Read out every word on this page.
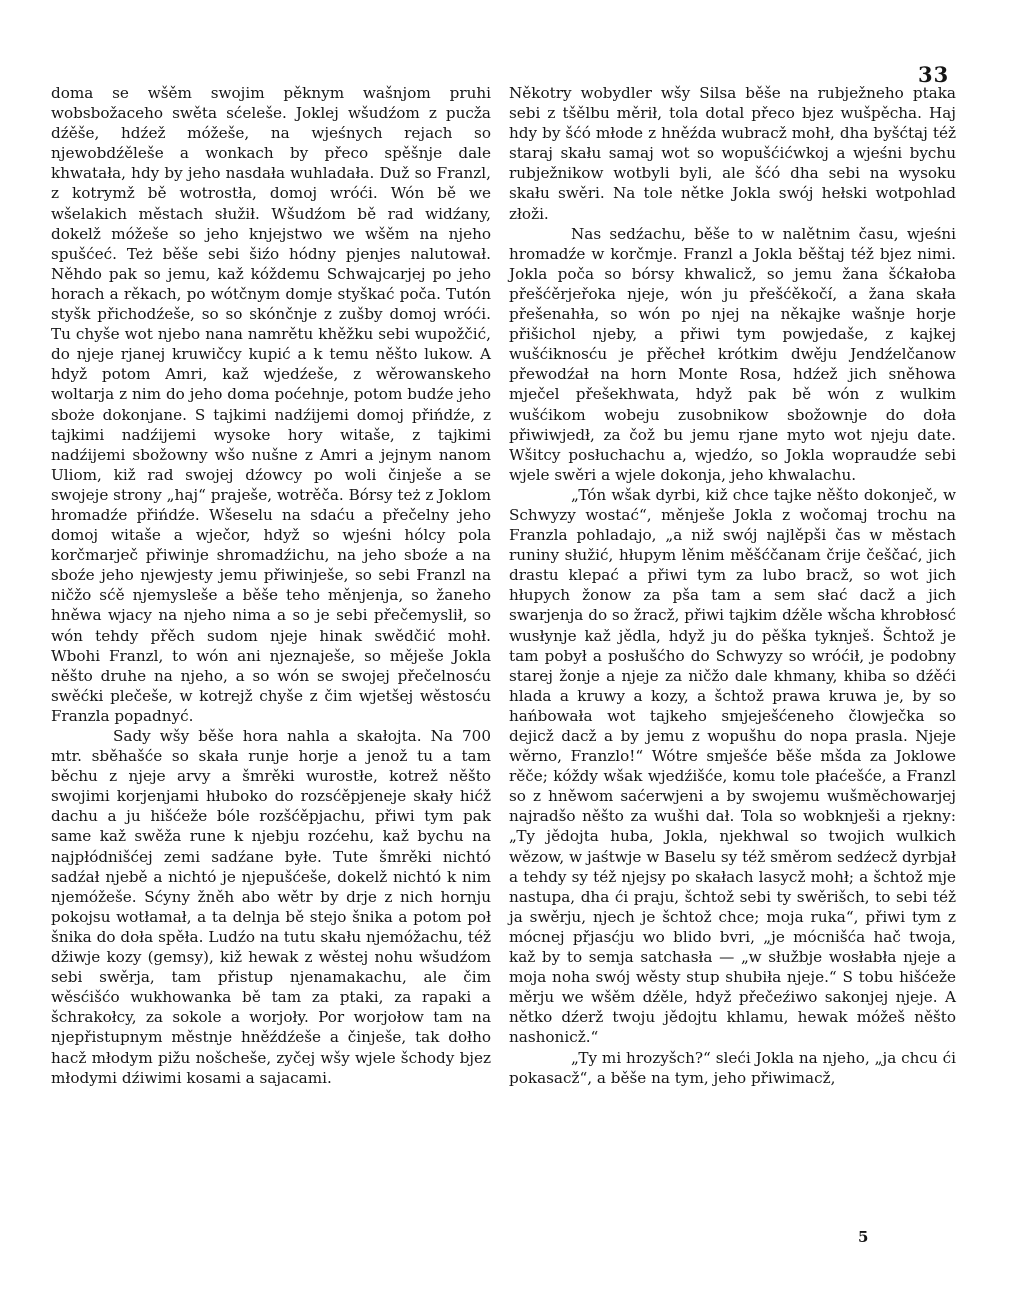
33

doma se wšěm swojim pěknym wašnjom pruhi wobsbožaceho swěta sćeleše. Joklej wšudźom z pucža dźěše, hdźež móžeše, na wjeśnych rejach so njewobdźěleše a wonkach by přeco spěšnje dale khwatała, hdy by jeho nasdała wuhladała. Duž so Franzl, z kotrymž bě wotrostła, domoj wróći. Wón bě we wšelakich městach słužił. Wšudźom bě rad widźany, dokelž móžeše so jeho knjejstwo we wšěm na njeho spušćeć. Też běše sebi šiźo hódny pjenjes nalutował. Něhdo pak so jemu, kaž kóždemu Schwajcarjej po jeho horach a rěkach, po wótčnym domje styškać poča. Tutón styšk přichodźeše, so so skónčnje z zušby domoj wróći. Tu chyše wot njebo nana namrětu khěžku sebi wupožčić, do njeje rjanej kruwičcy kupić a k temu něšto lukow. A hdyž potom Amri, kaž wjedźeše, z wěrowanskeho woltarja z nim do jeho doma poćehnje, potom budźe jeho sboże dokonjane. S tajkimi nadźijemi domoj přińdźe, z tajkimi nadźijemi wysoke hory witaše, z tajkimi nadźijemi sbožowny wšo nušne z Amri a jejnym nanom Uliom, kiž rad swojej dźowcy po woli činješe a se swojeje strony „haj“ praješe, wotrěča. Bórsy też z Joklom hromadźe přińdźe. Wšeselu na sdaću a přečelny jeho domoj witaše a wječor, hdyž so wjeśni hólcy pola korčmarječ přiwinje shromadźichu, na jeho sboźe a na sboźe jeho njewjesty jemu přiwinješe, so sebi Franzl na ničžo sćě njemysleše a běše teho měnjenja, so žaneho hněwa wjacy na njeho nima a so je sebi přečemyslił, so wón tehdy přěch sudom njeje hinak swědčić mohł. Wbohi Franzl, to wón ani njeznaješe, so měješe Jokla něšto druhe na njeho, a so wón se swojej přečelnosću swěćki plečeše, w kotrejž chyše z čim wjetšej wěstosću Franzla popadnyć.

Sady wšy běše hora nahla a skałojta. Na 700 mtr. sběhašće so skała runje horje a jenož tu a tam běchu z njeje arvy a šmrěki wurostłe, kotrež něšto swojimi korjenjami hłuboko do rozsćěpjeneje skały hićž dachu a ju hišćeže bóle rozšćěpjachu, přiwi tym pak same kaž swěža rune k njebju rozćehu, kaž bychu na najpłódnišćej zemi sadźane byłe. Tute šmrěki nichtó sadźał njebě a nichtó je njepušćeše, dokelž nichtó k nim njemóžeše. Sćyny žněh abo wětr by drje z nich hornju pokojsu wotłamał, a ta delnja bě stejo šnika a potom poł šnika do doła spěła. Ludźo na tutu skału njemóžachu, též džiwje kozy (gemsy), kiž hewak z wěstej nohu wšudźom sebi swěrja, tam přistup njenamakachu, ale čim wěsćišćo wukhowanka bě tam za ptaki, za rapaki a šchrakołcy, za sokole a worjoły. Por worjołow tam na njepřistupnym městnje hněźdźeše a činješe, tak dołho hacž młodym pižu nošcheše, zyčej wšy wjele šchody bjez młodymi dźiwimi kosami a sajacami.

Někotry wobydler wšy Silsa běše na rubježneho ptaka sebi z tšělbu měrił, tola dotal přeco bjez wušpěcha. Haj hdy by šćó młode z hněźda wubracž mohł, dha byšćtaj též staraj skału samaj wot so wopušćićwkoj a wjeśni bychu rubježnikow wotbyli byli, ale šćó dha sebi na wysoku skału swěri. Na tole nětke Jokla swój hełski wotpohlad złoži.

Nas sedźachu, běše to w nalětnim času, wjeśni hromadźe w korčmje. Franzl a Jokla běštaj též bjez nimi. Jokla poča so bórsy khwalicž, so jemu žana šćkałoba přešćěrjeřoka njeje, wón ju přešćěkočí, a žana skała přešenahła, so wón po njej na někajke wašnje horje přišichol njeby, a přiwi tym powjedaše, z kajkej wušćiknosću je přěcheł krótkim dwěju Jendźelčanow přewodźał na horn Monte Rosa, hdźež jich sněhowa mječel přešekhwata, hdyž pak bě wón z wulkim wušćikom wobeju zusobnikow sbožownje do doła přiwiwjedł, za čož bu jemu rjane myto wot njeju date. Wšitcy posłuchachu a, wjedźo, so Jokla wopraudźe sebi wjele swěri a wjele dokonja, jeho khwalachu.

„Tón wšak dyrbi, kiž chce tajke něšto dokonječ, w Schwyzy wostać“, měnješe Jokla z wočomaj trochu na Franzla pohladajo, „a niž swój najlěpši čas w městach runiny słužić, hłupym lěnim měšćčanam črije češčać, jich drastu klepać a přiwi tym za lubo bracž, so wot jich hłupych žonow za pša tam a sem słać dacž a jich swarjenja do so žracž, přiwi tajkim dźěle wšcha khrobłosć wusłynje kaž jědla, hdyž ju do pěška tyknješ. Šchtož je tam pobył a posłušćho do Schwyzy so wróćił, je podobny starej žonje a njeje za ničžo dale khmany, khiba so dźěći hlada a kruwy a kozy, a šchtož prawa kruwa je, by so hańbowała wot tajkeho smjeješćeneho člowječka so dejicž dacž a by jemu z wopušhu do nopa prasla. Njeje wěrno, Franzlo!“ Wótre smješće běše mšda za Joklowe rěče; kóždy wšak wjedźišće, komu tole płaćešće, a Franzl so z hněwom saćerwjeni a by swojemu wušměchowarjej najradšo něšto za wušhi dał. Tola so wobknješi a rjekny: „Ty jědojta huba, Jokla, njekhwal so twojich wulkich wězow, w jaśtwje w Baselu sy též směrom sedźecž dyrbjał a tehdy sy též njejsy po skałach lasycž mohł; a šchtož mje nastupa, dha ći praju, šchtož sebi ty swěrišch, to sebi též ja swěrju, njech je šchtož chce; moja ruka“, přiwi tym z mócnej přjasćju wo blido bvri, „je mócnišća hač twoja, kaž by to semja satchasła — „w słužbje wosłabła njeje a moja noha swój wěsty stup shubiła njeje.“ S tobu hišćeže měrju we wšěm dźěle, hdyž přečeźiwo sakonjej njeje. A nětko dźerž twoju jědojtu khlamu, hewak móžeš něšto nashonicž.“

„Ty mi hrozyšch?“ sleći Jokla na njeho, „ja chcu ći pokasacž“, a běše na tym, jeho přiwimacž,

5
